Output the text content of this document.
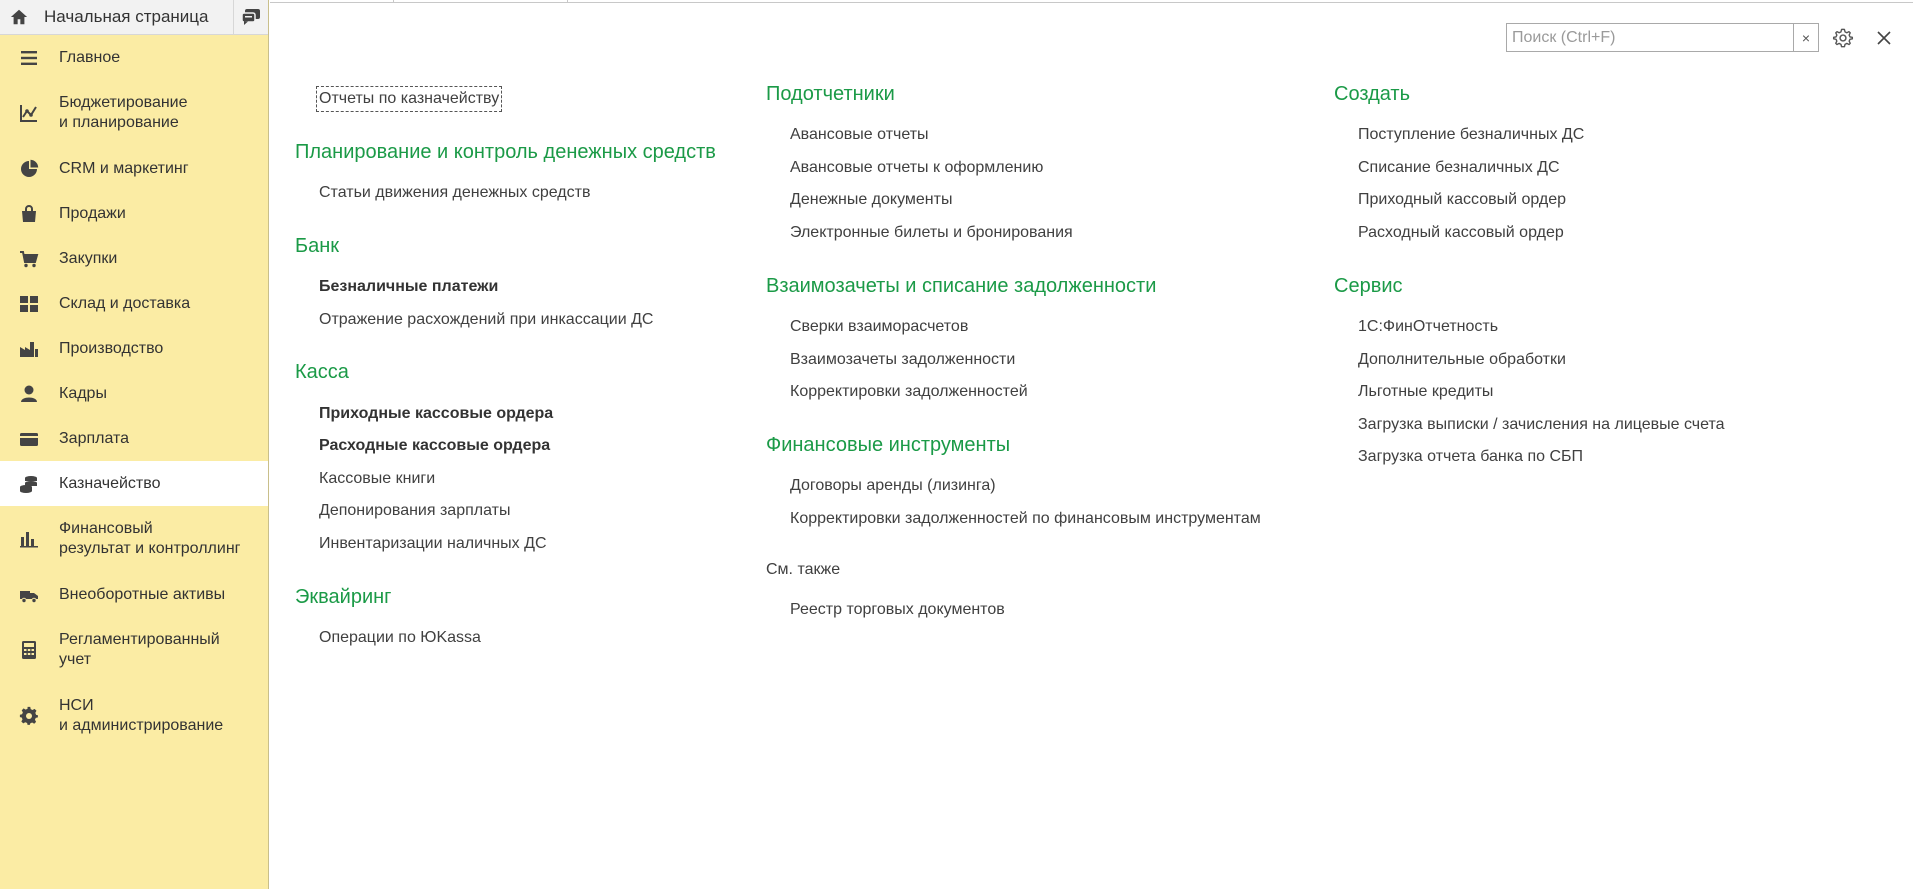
Начальная страница
Главное
Бюджетирование
и планирование
CRM и маркетинг
Продажи
Закупки
Склад и доставка
Производство
Кадры
Зарплата
Казначейство
Финансовый
результат и контроллинг
Внеоборотные активы
Регламентированный
учет
НСИ
и администрирование
Поиск (Ctrl+F)
×
Отчеты по казначейству
Планирование и контроль денежных средств
Статьи движения денежных средств
Банк
Безналичные платежи
Отражение расхождений при инкассации ДС
Касса
Приходные кассовые ордера
Расходные кассовые ордера
Кассовые книги
Депонирования зарплаты
Инвентаризации наличных ДС
Эквайринг
Операции по ЮKassa
Подотчетники
Авансовые отчеты
Авансовые отчеты к оформлению
Денежные документы
Электронные билеты и бронирования
Взаимозачеты и списание задолженности
Сверки взаиморасчетов
Взаимозачеты задолженности
Корректировки задолженностей
Финансовые инструменты
Договоры аренды (лизинга)
Корректировки задолженностей по финансовым инструментам
См. также
Реестр торговых документов
Создать
Поступление безналичных ДС
Списание безналичных ДС
Приходный кассовый ордер
Расходный кассовый ордер
Сервис
1С:ФинОтчетность
Дополнительные обработки
Льготные кредиты
Загрузка выписки / зачисления на лицевые счета
Загрузка отчета банка по СБП
